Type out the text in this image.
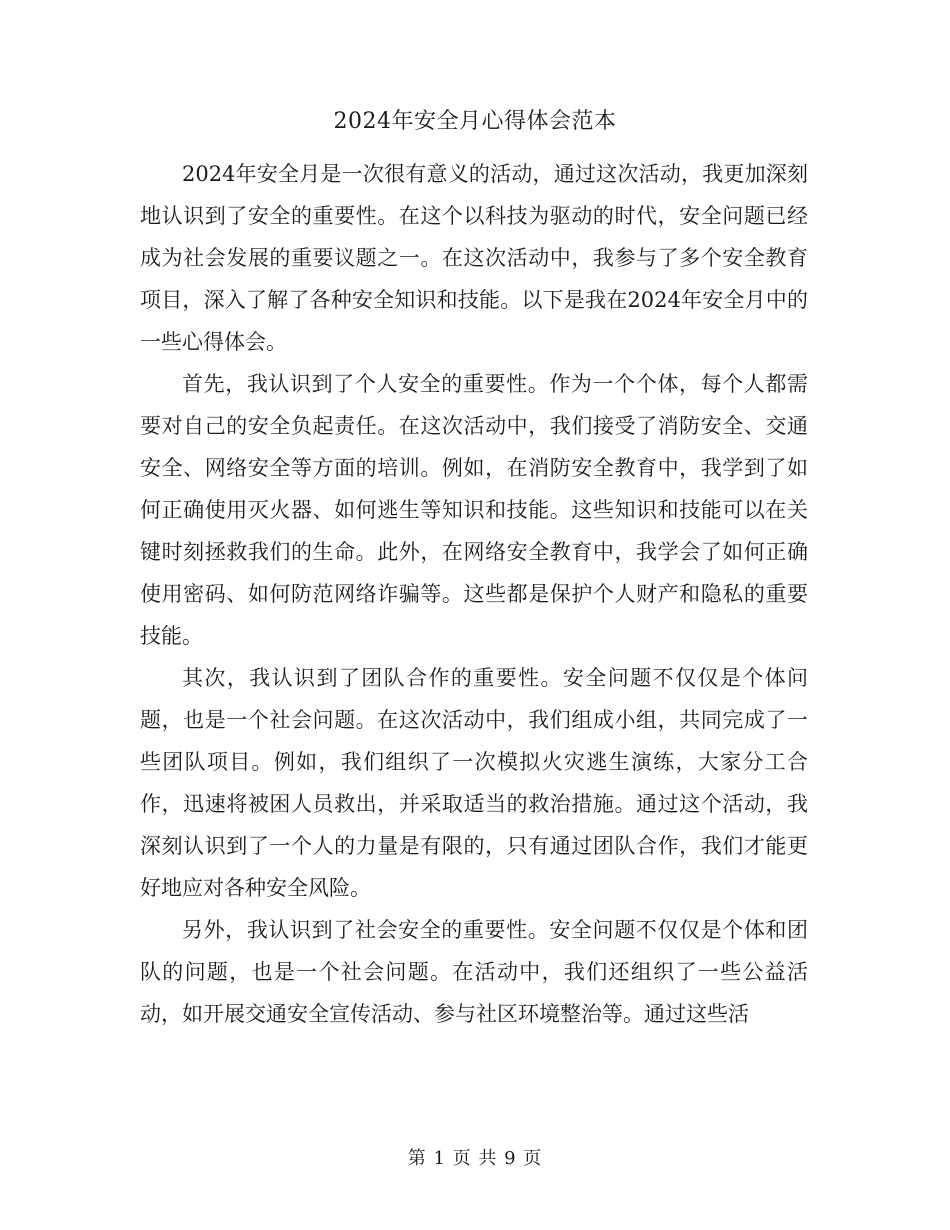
2024年安全月心得体会范本

2024年安全月是一次很有意义的活动，通过这次活动，我更加深刻地认识到了安全的重要性。在这个以科技为驱动的时代，安全问题已经成为社会发展的重要议题之一。在这次活动中，我参与了多个安全教育项目，深入了解了各种安全知识和技能。以下是我在2024年安全月中的一些心得体会。

首先，我认识到了个人安全的重要性。作为一个个体，每个人都需要对自己的安全负起责任。在这次活动中，我们接受了消防安全、交通安全、网络安全等方面的培训。例如，在消防安全教育中，我学到了如何正确使用灭火器、如何逃生等知识和技能。这些知识和技能可以在关键时刻拯救我们的生命。此外，在网络安全教育中，我学会了如何正确使用密码、如何防范网络诈骗等。这些都是保护个人财产和隐私的重要技能。

其次，我认识到了团队合作的重要性。安全问题不仅仅是个体问题，也是一个社会问题。在这次活动中，我们组成小组，共同完成了一些团队项目。例如，我们组织了一次模拟火灾逃生演练，大家分工合作，迅速将被困人员救出，并采取适当的救治措施。通过这个活动，我深刻认识到了一个人的力量是有限的，只有通过团队合作，我们才能更好地应对各种安全风险。

另外，我认识到了社会安全的重要性。安全问题不仅仅是个体和团队的问题，也是一个社会问题。在活动中，我们还组织了一些公益活动，如开展交通安全宣传活动、参与社区环境整治等。通过这些活

第 1 页 共 9 页
